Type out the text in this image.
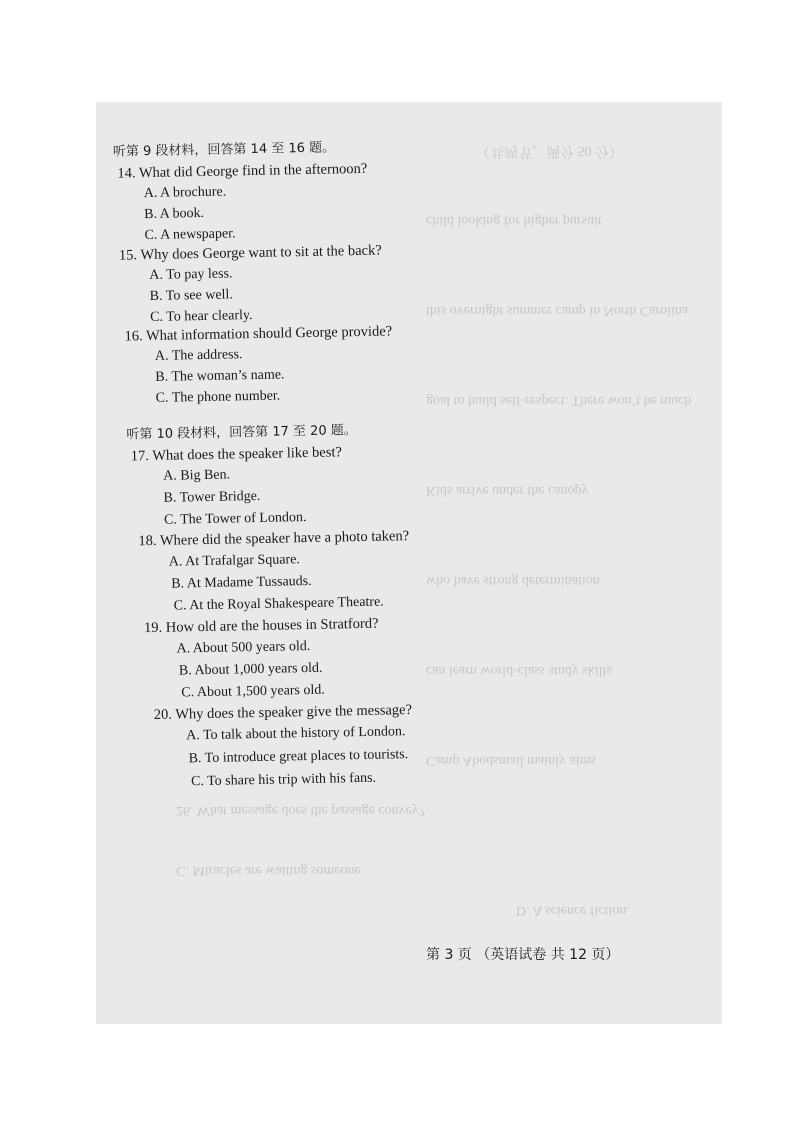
（共两节，满分 50 分）
child looking for higher pursuit
this overnight summer camp in North Carolina
goal to build self-respect. There won’t be much
Kids arrive under the canopy
who have strong determination
can learn world-class study skills
Camp Abodsmail mainly aims
26. What message does the passage convey?
C. Miracles are waiting someone
D. A science fiction.
听第 9 段材料，回答第 14 至 16 题。
14. What did George find in the afternoon?
A. A brochure.
B. A book.
C. A newspaper.
15. Why does George want to sit at the back?
A. To pay less.
B. To see well.
C. To hear clearly.
16. What information should George provide?
A. The address.
B. The woman’s name.
C. The phone number.
听第 10 段材料，回答第 17 至 20 题。
17. What does the speaker like best?
A. Big Ben.
B. Tower Bridge.
C. The Tower of London.
18. Where did the speaker have a photo taken?
A. At Trafalgar Square.
B. At Madame Tussauds.
C. At the Royal Shakespeare Theatre.
19. How old are the houses in Stratford?
A. About 500 years old.
B. About 1,000 years old.
C. About 1,500 years old.
20. Why does the speaker give the message?
A. To talk about the history of London.
B. To introduce great places to tourists.
C. To share his trip with his fans.
第 3 页 （英语试卷 共 12 页）
